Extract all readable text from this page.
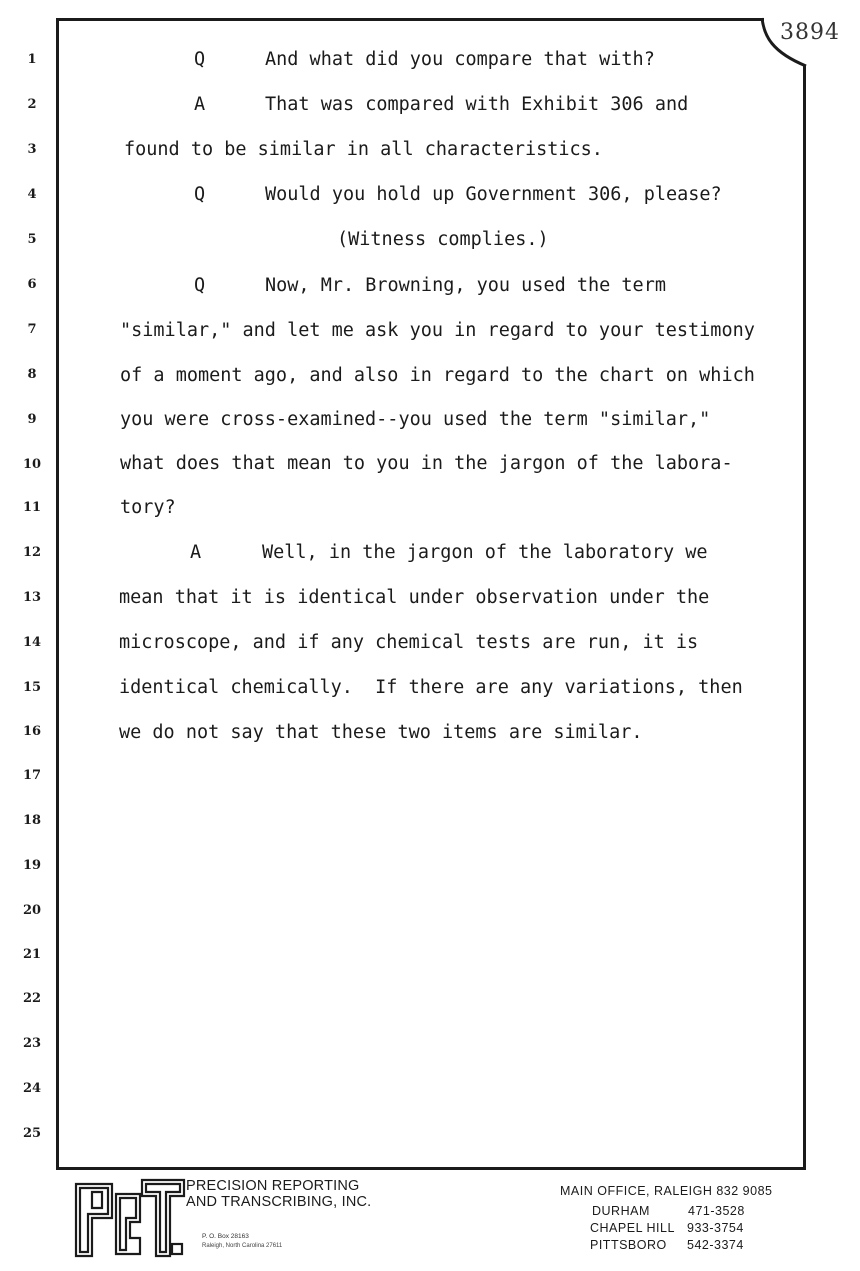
3894
1
2
3
4
5
6
7
8
9
10
11
12
13
14
15
16
17
18
19
20
21
22
23
24
25
Q	And what did you compare that with?
A	That was compared with Exhibit 306 and
found to be similar in all characteristics.
Q	Would you hold up Government 306, please?
(Witness complies.)
Q	Now, Mr. Browning, you used the term
"similar," and let me ask you in regard to your testimony
of a moment ago, and also in regard to the chart on which
you were cross-examined--you used the term "similar,"
what does that mean to you in the jargon of the labora-
tory?
A	Well, in the jargon of the laboratory we
mean that it is identical under observation under the
microscope, and if any chemical tests are run, it is
identical chemically.  If there are any variations, then
we do not say that these two items are similar.
PRECISION REPORTING
AND TRANSCRIBING, INC.
P. O. Box 28163
Raleigh, North Carolina 27611
MAIN OFFICE, RALEIGH 832 9085
DURHAM	471-3528
CHAPEL HILL 933-3754
PITTSBORO 542-3374
